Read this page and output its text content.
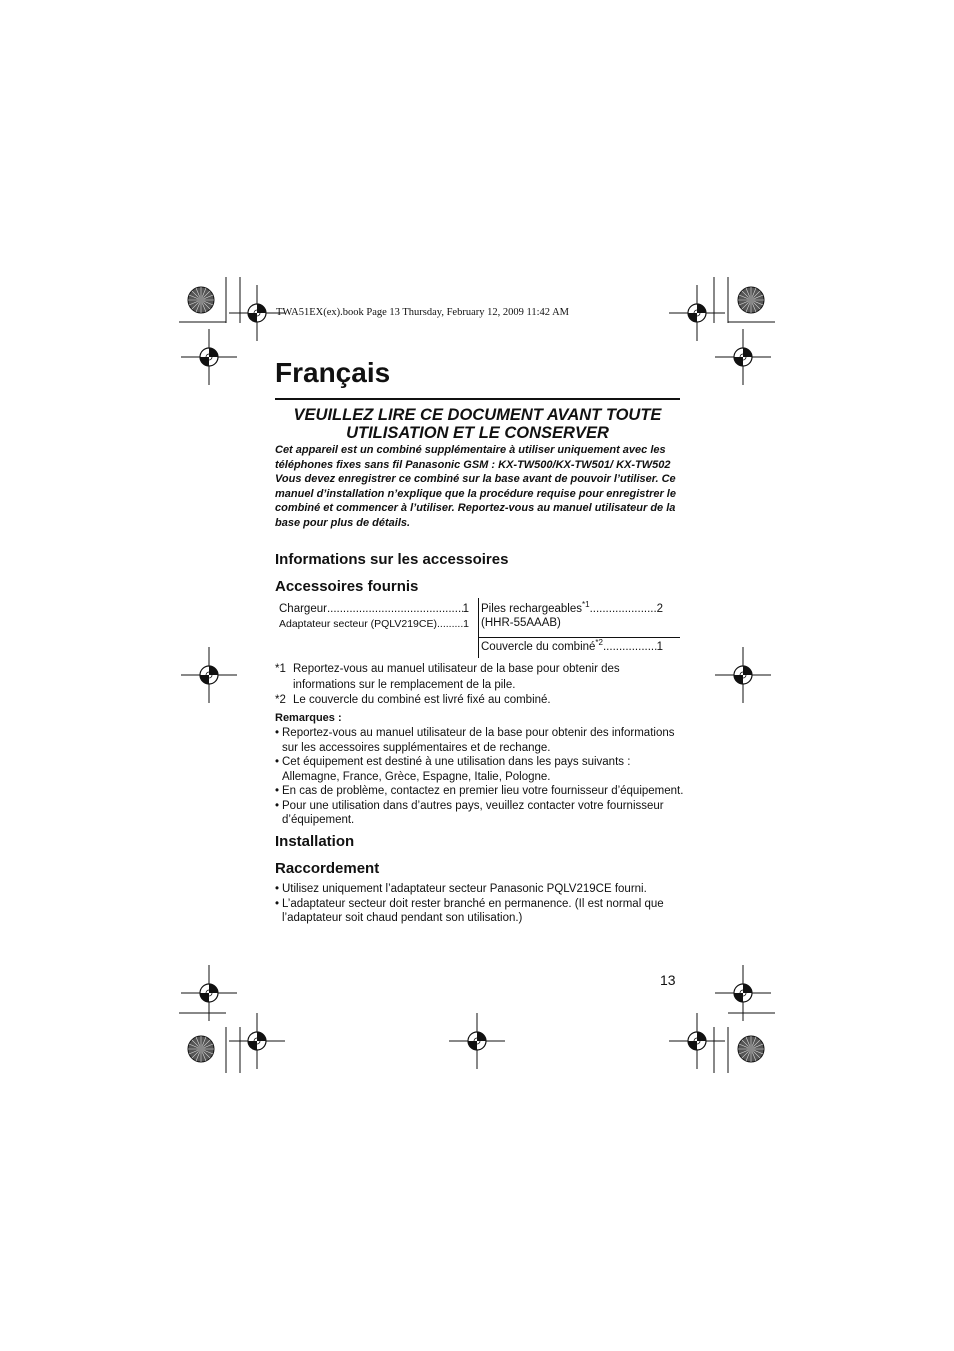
TWA51EX(ex).book Page 13 Thursday, February 12, 2009 11:42 AM
Français
VEUILLEZ LIRE CE DOCUMENT AVANT TOUTE
UTILISATION ET LE CONSERVER

Cet appareil est un combiné supplémentaire à utiliser uniquement avec les téléphones fixes sans fil Panasonic GSM : KX-TW500/KX-TW501/ KX-TW502

Vous devez enregistrer ce combiné sur la base avant de pouvoir l’utiliser. Ce manuel d’installation n’explique que la procédure requise pour enregistrer le combiné et commencer à l’utiliser. Reportez-vous au manuel utilisateur de la base pour plus de détails.

Informations sur les accessoires
Accessoires fournis
Chargeur .....	1
Adaptateur secteur (PQLV219CE) ..... 1
Piles rechargeables$^{*1}$ .....	2
(HHR-55AAAB)
Couvercle du combiné$^{*2}$ .....	1
*1 Reportez-vous au manuel utilisateur de la base pour obtenir des informations sur le remplacement de la pile.
*2 Le couvercle du combiné est livré fixé au combiné.
Remarques :
• Reportez-vous au manuel utilisateur de la base pour obtenir des informations sur les accessoires supplémentaires et de rechange.
• Cet équipement est destiné à une utilisation dans les pays suivants : Allemagne, France, Grèce, Espagne, Italie, Pologne.
• En cas de problème, contactez en premier lieu votre fournisseur d’équipement.
• Pour une utilisation dans d’autres pays, veuillez contacter votre fournisseur d’équipement.
Installation
Raccordement
• Utilisez uniquement l’adaptateur secteur Panasonic PQLV219CE fourni.
• L’adaptateur secteur doit rester branché en permanence. (Il est normal que l’adaptateur soit chaud pendant son utilisation.)
13
